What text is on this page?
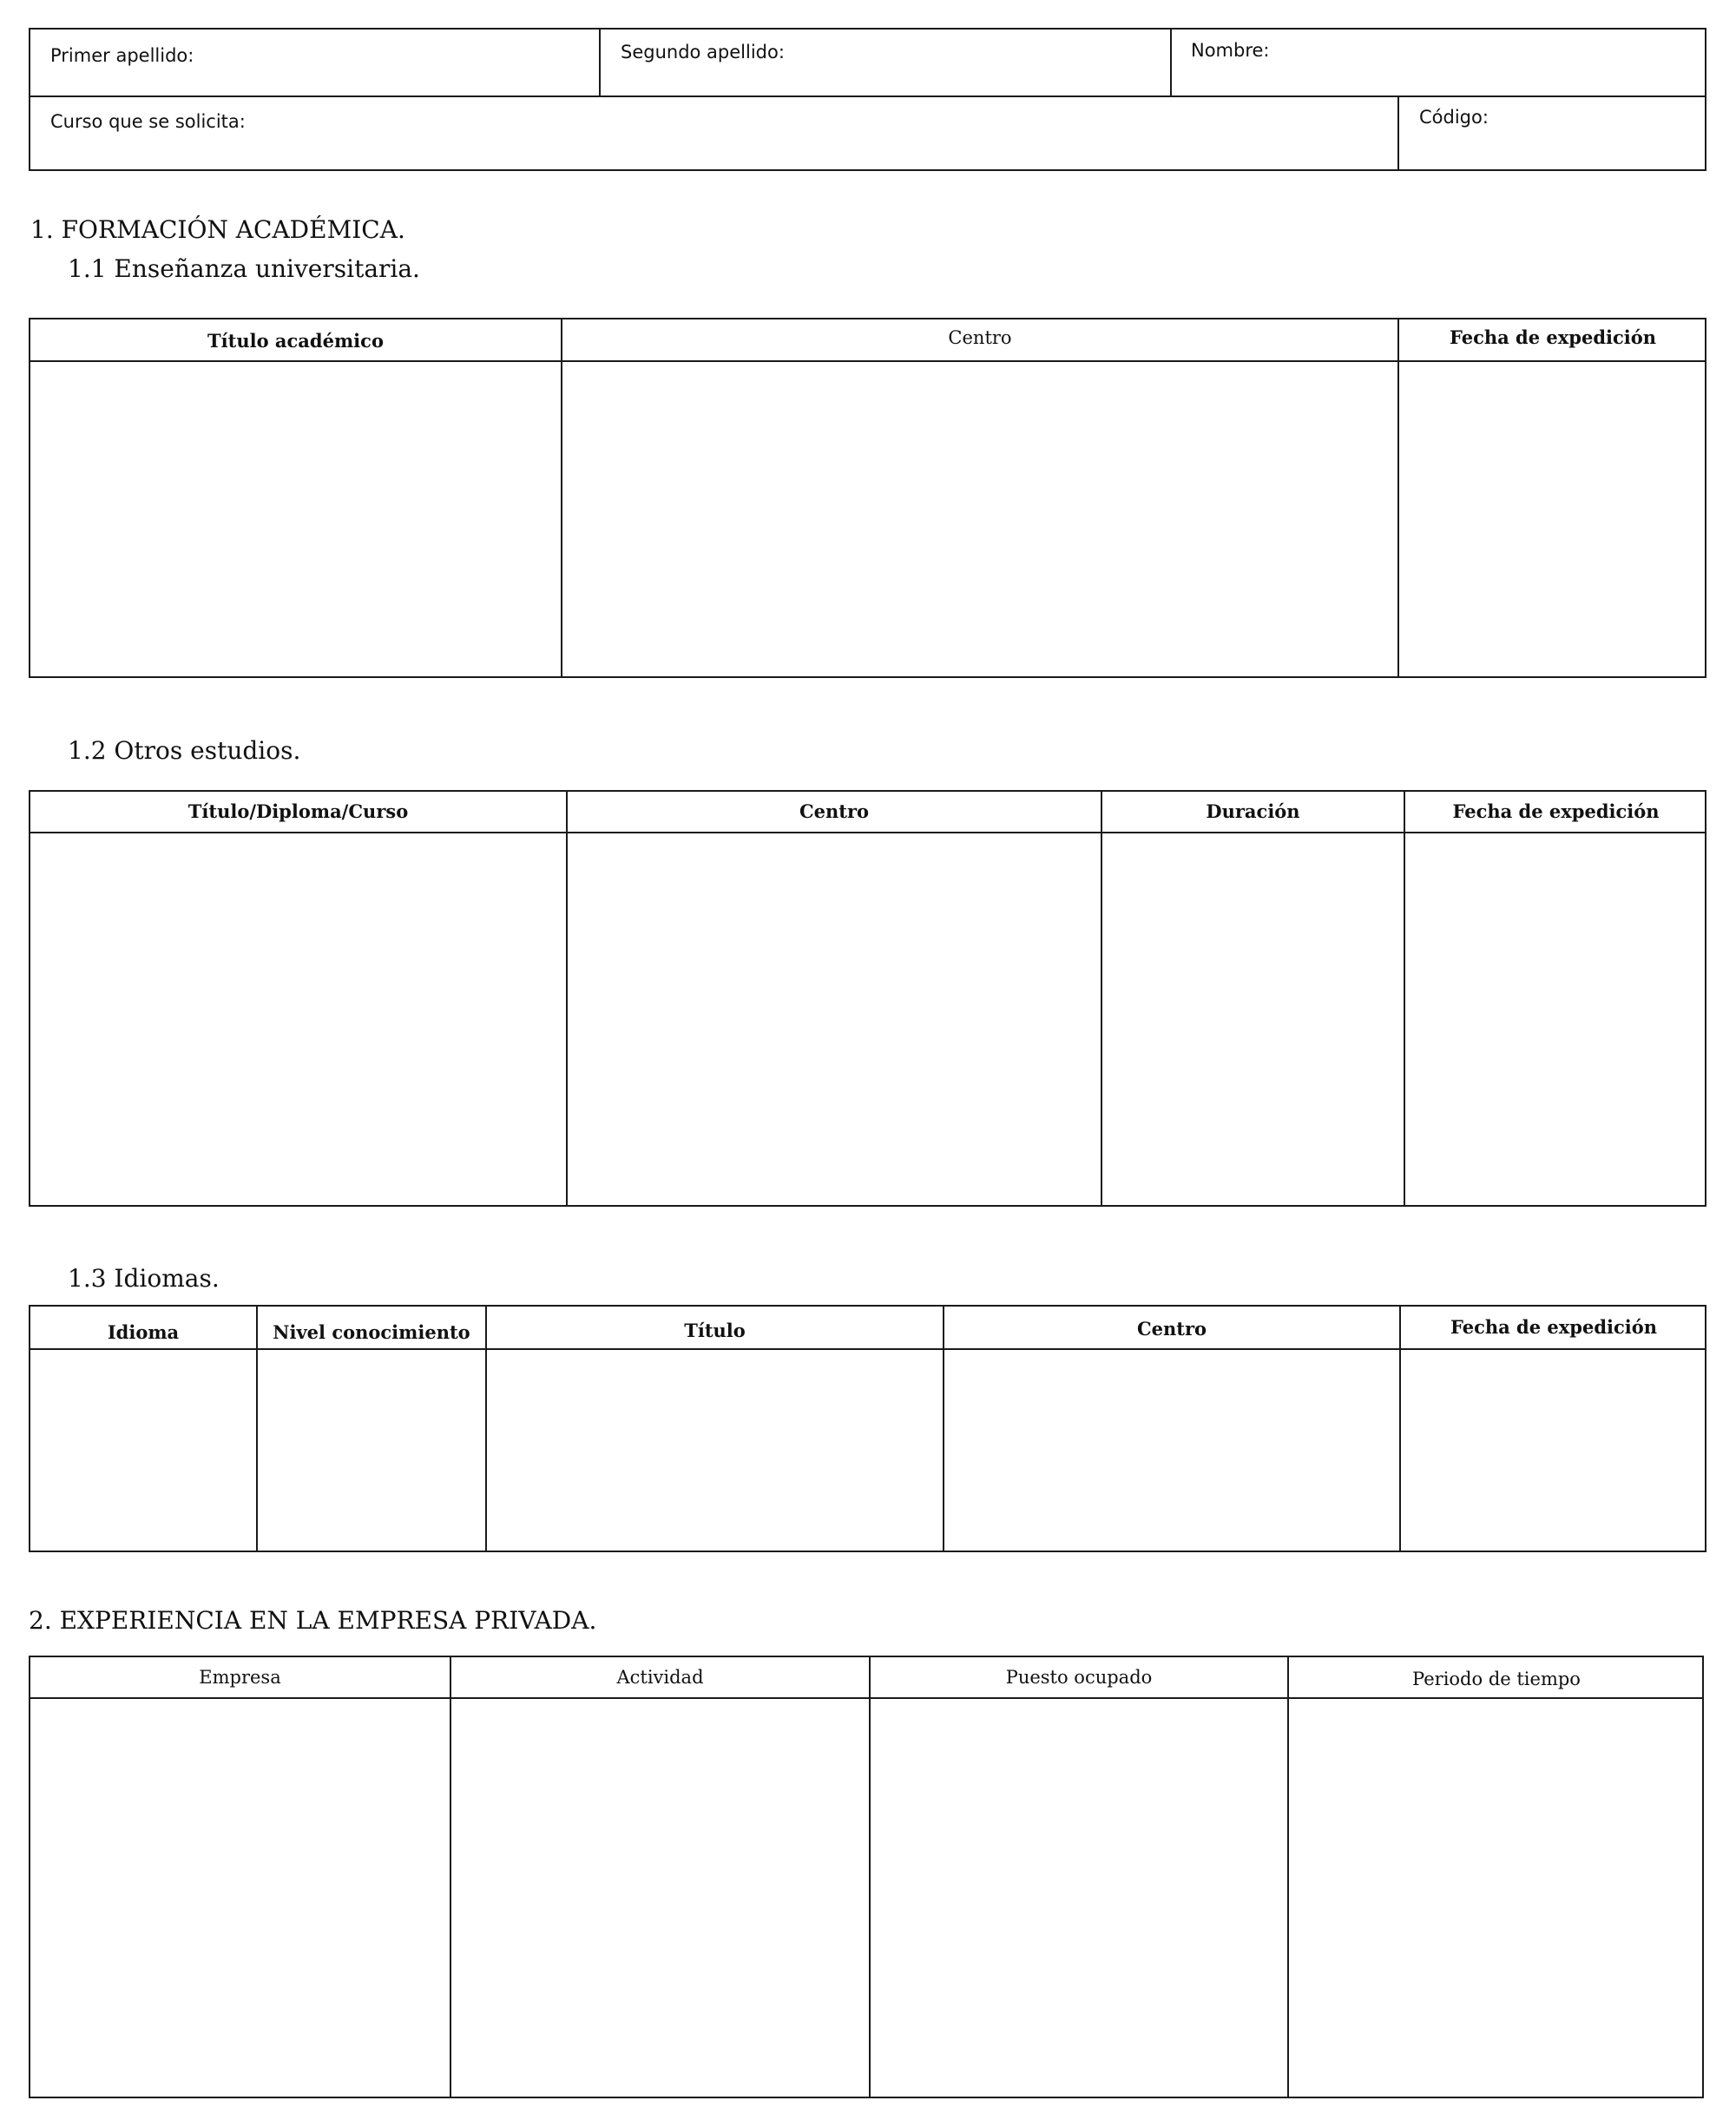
Primer apellido:	Segundo apellido:	Nombre:
Curso que se solicita:	Código:
1. FORMACIÓN ACADÉMICA.
1.1 Enseñanza universitaria.
Título académico	Centro	Fecha de expedición
1.2 Otros estudios.
Título/Diploma/Curso	Centro	Duración	Fecha de expedición
1.3 Idiomas.
Idioma	Nivel conocimiento	Título	Centro	Fecha de expedición
2. EXPERIENCIA EN LA EMPRESA PRIVADA.
Empresa	Actividad	Puesto ocupado	Periodo de tiempo
